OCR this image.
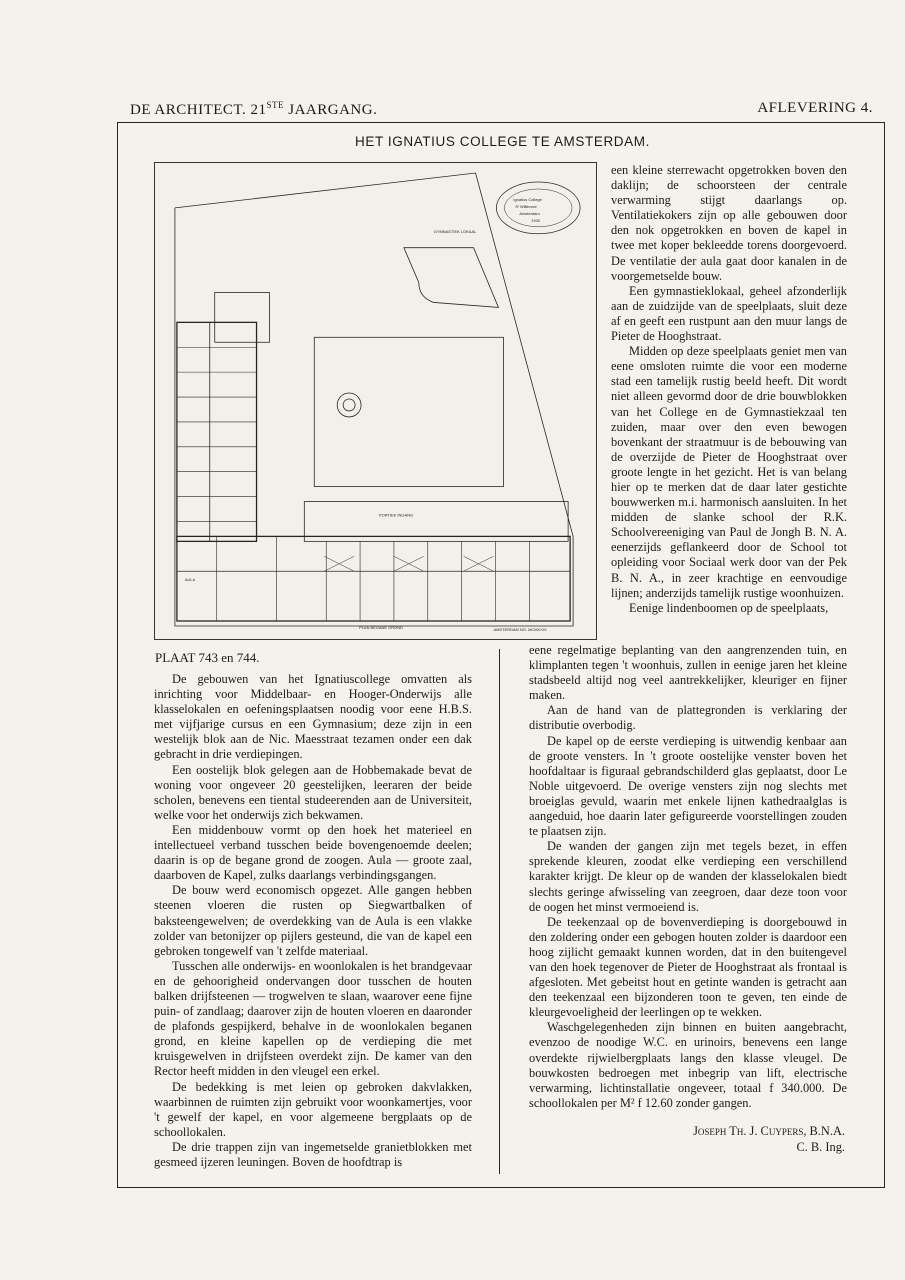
DE ARCHITECT. 21STE JAARGANG.	AFLEVERING 4.
HET IGNATIUS COLLEGE TE AMSTERDAM.
GYMNASTIEK LOKAAL
AULA
PORTIEK INGANG
PLAN BEGANE GROND	AMSTERDAM NO. MCMXXIX
Ignatius College
Sᵗ Willibrord
Amsterdam
1930

een kleine sterrewacht opgetrokken boven den daklijn; de schoorsteen der centrale verwarming stijgt daarlangs op. Ventilatiekokers zijn op alle gebouwen door den nok opgetrokken en boven de kapel in twee met koper bekleedde torens doorgevoerd. De ventilatie der aula gaat door kanalen in de voorgemetselde bouw.

Een gymnastieklokaal, geheel afzonderlijk aan de zuidzijde van de speelplaats, sluit deze af en geeft een rustpunt aan den muur langs de Pieter de Hooghstraat.

Midden op deze speelplaats geniet men van eene omsloten ruimte die voor een moderne stad een tamelijk rustig beeld heeft. Dit wordt niet alleen gevormd door de drie bouwblokken van het College en de Gymnastiekzaal ten zuiden, maar over den even bewogen bovenkant der straatmuur is de bebouwing van de overzijde de Pieter de Hooghstraat over groote lengte in het gezicht. Het is van belang hier op te merken dat de daar later gestichte bouwwerken m.i. harmonisch aansluiten. In het midden de slanke school der R.K. Schoolvereeniging van Paul de Jongh B. N. A. eenerzijds geflankeerd door de School tot opleiding voor Sociaal werk door van der Pek B. N. A., in zeer krachtige en eenvoudige lijnen; anderzijds tamelijk rustige woonhuizen.

Eenige lindenboomen op de speelplaats,

PLAAT 743 en 744.

De gebouwen van het Ignatiuscollege omvatten als inrichting voor Middelbaar- en Hooger-Onderwijs alle klasselokalen en oefeningsplaatsen noodig voor eene H.B.S. met vijfjarige cursus en een Gymnasium; deze zijn in een westelijk blok aan de Nic. Maesstraat tezamen onder een dak gebracht in drie verdiepingen.

Een oostelijk blok gelegen aan de Hobbemakade bevat de woning voor ongeveer 20 geestelijken, leeraren der beide scholen, benevens een tiental studeerenden aan de Universiteit, welke voor het onderwijs zich bekwamen.

Een middenbouw vormt op den hoek het materieel en intellectueel verband tusschen beide bovengenoemde deelen; daarin is op de begane grond de zoogen. Aula — groote zaal, daarboven de Kapel, zulks daarlangs verbindingsgangen.

De bouw werd economisch opgezet. Alle gangen hebben steenen vloeren die rusten op Siegwartbalken of baksteengewelven; de overdekking van de Aula is een vlakke zolder van betonijzer op pijlers gesteund, die van de kapel een gebroken tongewelf van 't zelfde materiaal.

Tusschen alle onderwijs- en woonlokalen is het brandgevaar en de gehoorigheid ondervangen door tusschen de houten balken drijfsteenen — trogwelven te slaan, waarover eene fijne puin- of zandlaag; daarover zijn de houten vloeren en daaronder de plafonds gespijkerd, behalve in de woonlokalen beganen grond, en kleine kapellen op de verdieping die met kruisgewelven in drijfsteen overdekt zijn. De kamer van den Rector heeft midden in den vleugel een erkel.

De bedekking is met leien op gebroken dakvlakken, waarbinnen de ruimten zijn gebruikt voor woonkamertjes, voor 't gewelf der kapel, en voor algemeene bergplaats op de schoollokalen.

De drie trappen zijn van ingemetselde granietblokken met gesmeed ijzeren leuningen. Boven de hoofdtrap is

eene regelmatige beplanting van den aangrenzenden tuin, en klimplanten tegen 't woonhuis, zullen in eenige jaren het kleine stadsbeeld altijd nog veel aantrekkelijker, kleuriger en fijner maken.

Aan de hand van de plattegronden is verklaring der distributie overbodig.

De kapel op de eerste verdieping is uitwendig kenbaar aan de groote vensters. In 't groote oostelijke venster boven het hoofdaltaar is figuraal gebrandschilderd glas geplaatst, door Le Noble uitgevoerd. De overige vensters zijn nog slechts met broeiglas gevuld, waarin met enkele lijnen kathedraalglas is aangeduid, hoe daarin later gefigureerde voorstellingen zouden te plaatsen zijn.

De wanden der gangen zijn met tegels bezet, in effen sprekende kleuren, zoodat elke verdieping een verschillend karakter krijgt. De kleur op de wanden der klasselokalen biedt slechts geringe afwisseling van zeegroen, daar deze toon voor de oogen het minst vermoeiend is.

De teekenzaal op de bovenverdieping is doorgebouwd in den zoldering onder een gebogen houten zolder is daardoor een hoog zijlicht gemaakt kunnen worden, dat in den buitengevel van den hoek tegenover de Pieter de Hooghstraat als frontaal is afgesloten. Met gebeitst hout en getinte wanden is getracht aan den teekenzaal een bijzonderen toon te geven, ten einde de kleurgevoeligheid der leerlingen op te wekken.

Waschgelegenheden zijn binnen en buiten aangebracht, evenzoo de noodige W.C. en urinoirs, benevens een lange overdekte rijwielbergplaats langs den klasse vleugel. De bouwkosten bedroegen met inbegrip van lift, electrische verwarming, lichtinstallatie ongeveer, totaal f 340.000. De schoollokalen per M² f 12.60 zonder gangen.

Joseph Th. J. Cuypers, B.N.A.
C. B. Ing.
